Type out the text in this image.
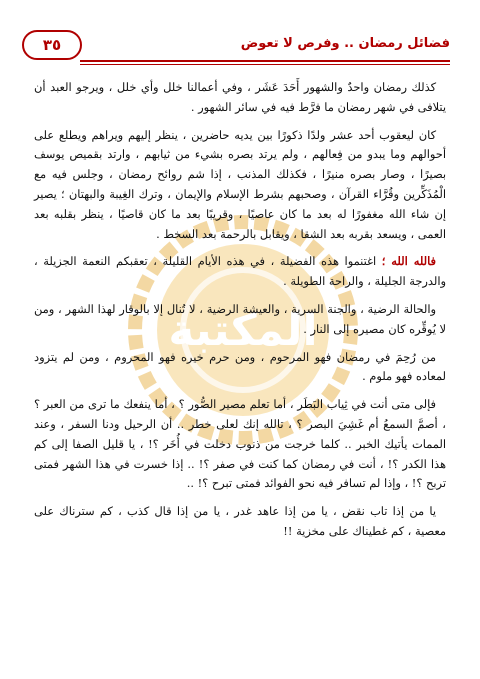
المكتبة
فضائل رمضان .. وفرص لا تعوض
٣٥

كذلك رمضان واحدٌ والشهور أَحَدَ عَشَر ، وفي أعمالنا خلل وأي خلل ، ويرجو العبد أن يتلافى في شهر رمضان ما فرَّط فيه في سائر الشهور .

كان ليعقوب أحد عشر ولدًا ذكورًا بين يديه حاضرين ، ينظر إليهم ويراهم ويطلع على أحوالهم وما يبدو من فِعالهم ، ولم يرتد بصره بشيء من ثيابهم ، وارتد بقميص يوسف بصيرًا ، وصار بصره منيرًا ، فكذلك المذنب ، إذا شم روائح رمضان ، وجلس فيه مع الْمُذَكِّرين وقُرَّاء القرآن ، وصحبهم بشرط الإسلام والإيمان ، وترك الغِيبة والبهتان ؛ يصير إن شاء الله مغفورًا له بعد ما كان عاصيًا ، وقريبًا بعد ما كان قاصيًا ، ينظر بقلبه بعد العمى ، ويسعد بقربه بعد الشقا ، ويقابل بالرحمة بعد السخط .

فالله الله ؛ اغتنموا هذه الفضيلة ، في هذه الأيام القليلة ، تعقبكم النعمة الجزيلة ، والدرجة الجليلة ، والراحة الطويلة .

والحالة الرضية ، والجنة السرية ، والعيشة الرضية ، لا تُنال إلا بالوقار لهذا الشهر ، ومن لا يُوقِّره كان مصيره إلى النار .

من رُحِمَ في رمضان فهو المرحوم ، ومن حرم خيره فهو المحروم ، ومن لم يتزود لمعاده فهو ملوم .

فإلى متى أنت في ثِياب البَطَر ، أما تعلم مصير الصُّور ؟ ، أما ينفعك ما ترى من العبر ؟ ، أصمَّ السمعُ أم غَشِيَ البصر ؟ ، تالله إنك لعلى خطر .. أن الرحيل ودنا السفر ، وعند الممات يأتيك الخبر .. كلما خرجت من ذنوب دخلت في أُخَر ؟! ، يا قليل الصفا إلى كم هذا الكدر ؟! ، أنت في رمضان كما كنت في صفر ؟! .. إذا خسرت في هذا الشهر فمتى تربح ؟! ، وإذا لم تسافر فيه نحو الفوائد فمتى تبرح ؟! ..

يا من إذا تاب نقض ، يا من إذا عاهد غدر ، يا من إذا قال كذب ، كم سترناك على معصية ، كم غطيناك على مخزية !!
